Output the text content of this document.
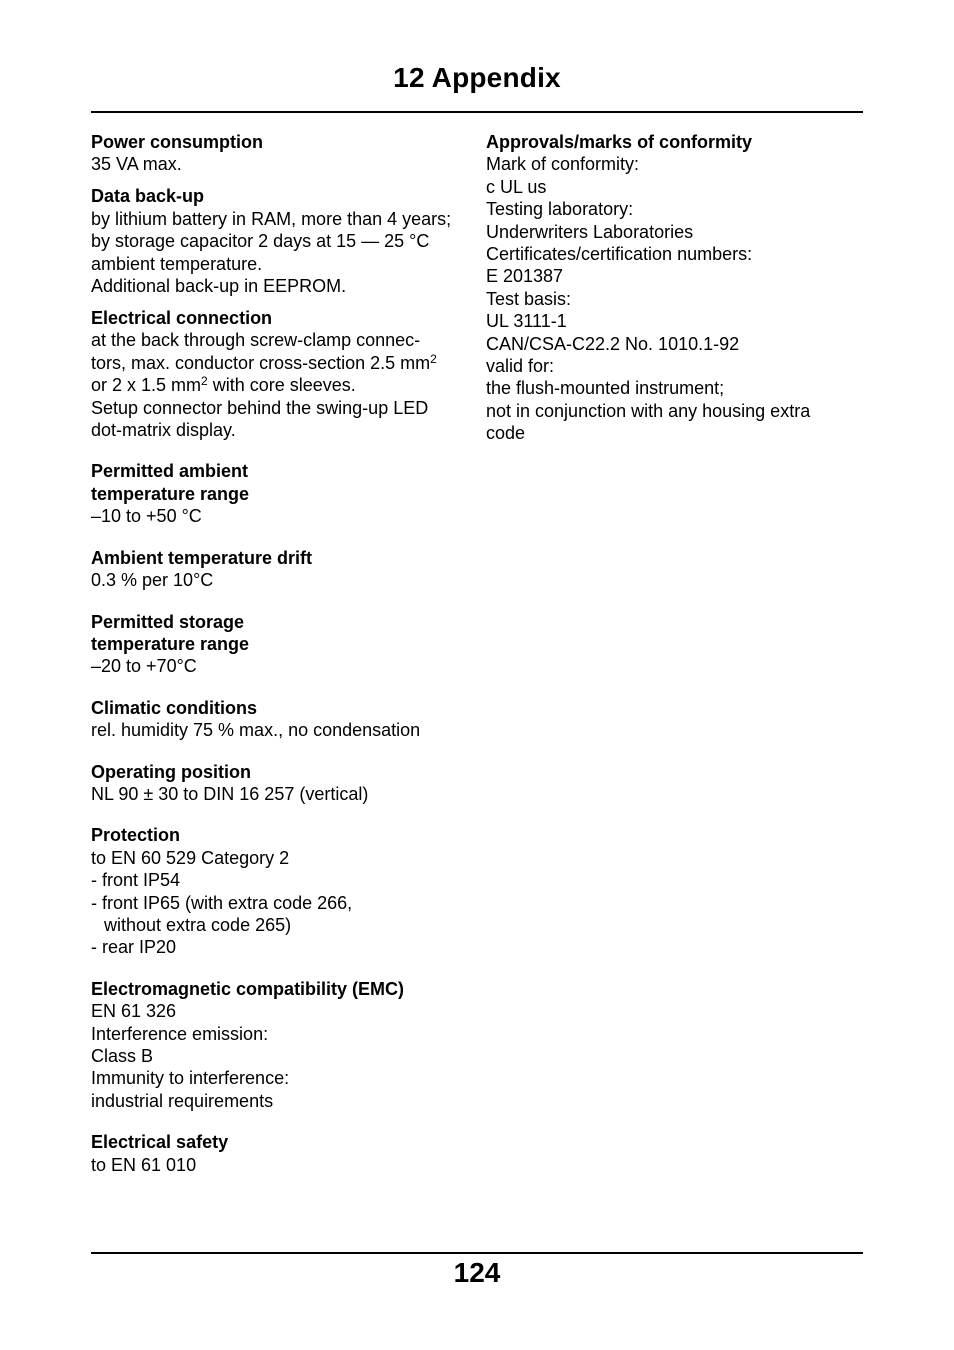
12 Appendix
Power consumption
35 VA max.
Data back-up
by lithium battery in RAM, more than 4 years;
by storage capacitor 2 days at 15 — 25 °C
ambient temperature.
Additional back-up in EEPROM.
Electrical connection
at the back through screw-clamp connec-
tors, max. conductor cross-section 2.5 $mm^2$
or 2 x 1.5 $mm^2$ with core sleeves.
Setup connector behind the swing-up LED
dot-matrix display.
Permitted ambient
temperature range
–10 to +50 °C
Ambient temperature drift
0.3 % per 10°C
Permitted storage
temperature range
–20 to +70°C
Climatic conditions
rel. humidity 75 % max., no condensation
Operating position
NL 90 ± 30 to DIN 16 257 (vertical)
Protection
to EN 60 529 Category 2
- front IP54
- front IP65 (with extra code 266,
without extra code 265)
- rear IP20
Electromagnetic compatibility (EMC)
EN 61 326
Interference emission:
Class B
Immunity to interference:
industrial requirements
Electrical safety
to EN 61 010
Approvals/marks of conformity
Mark of conformity:
c UL us
Testing laboratory:
Underwriters Laboratories
Certificates/certification numbers:
E 201387
Test basis:
UL 3111-1
CAN/CSA-C22.2 No. 1010.1-92
valid for:
the flush-mounted instrument;
not in conjunction with any housing extra
code
124
